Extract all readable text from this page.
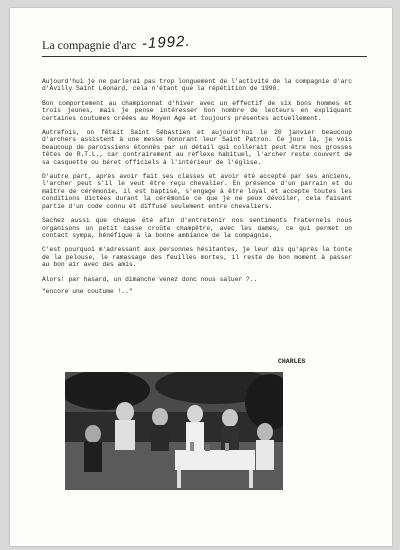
La compagnie d'arc -1992.

Aujourd'hui je ne parlerai pas trop longuement de l'activité de la compagnie d'arc d'Avilly Saint Léonard, cela n'étant que la répétition de 1990.

Bon comportement au championnat d'hiver avec un effectif de six bons hommes et trois jeunes, mais je pense intéresser bon nombre de lecteurs en expliquant certaines coutumes créées au Moyen Age et toujours présentes actuellement.

Autrefois, on fêtait Saint Sébastien et aujourd'hui le 20 janvier beaucoup d'archers assistent à une messe honorant leur Saint Patron. Ce jour là, je vois beaucoup de paroissiens étonnés par un détail qui collerait peut être nos grosses têtes de R.T.L., car contrairement au réflexe habituel, l'archer reste couvert de sa casquette ou béret officiels à l'intérieur de l'église.

D'autre part, après avoir fait ses classes et avoir été accepté par ses anciens, l'archer peut s'il le veut être reçu chevalier. En présence d'un parrain et du maître de cérémonie, il est baptisé, s'engage à être loyal et accepte toutes les conditions dictées durant la cérémonie ce que je ne peux dévoiler, cela faisant partie d'un code connu et diffusé seulement entre chevaliers.

Sachez aussi que chaque été afin d'entretenir nos sentiments fraternels nous organisons un petit casse croûte champêtre, avec les dames, ce qui permet un contact sympa, bénéfique à la bonne ambiance de la compagnie.

C'est pourquoi m'adressant aux personnes hésitantes, je leur dis qu'après la tonte de la pelouse, le ramassage des feuilles mortes, il reste de bon moment à passer au bon air avec des amis.

Alors! par hasard, un dimanche venez donc nous saluer ?..

"encore une coutume !.."

CHARLES
